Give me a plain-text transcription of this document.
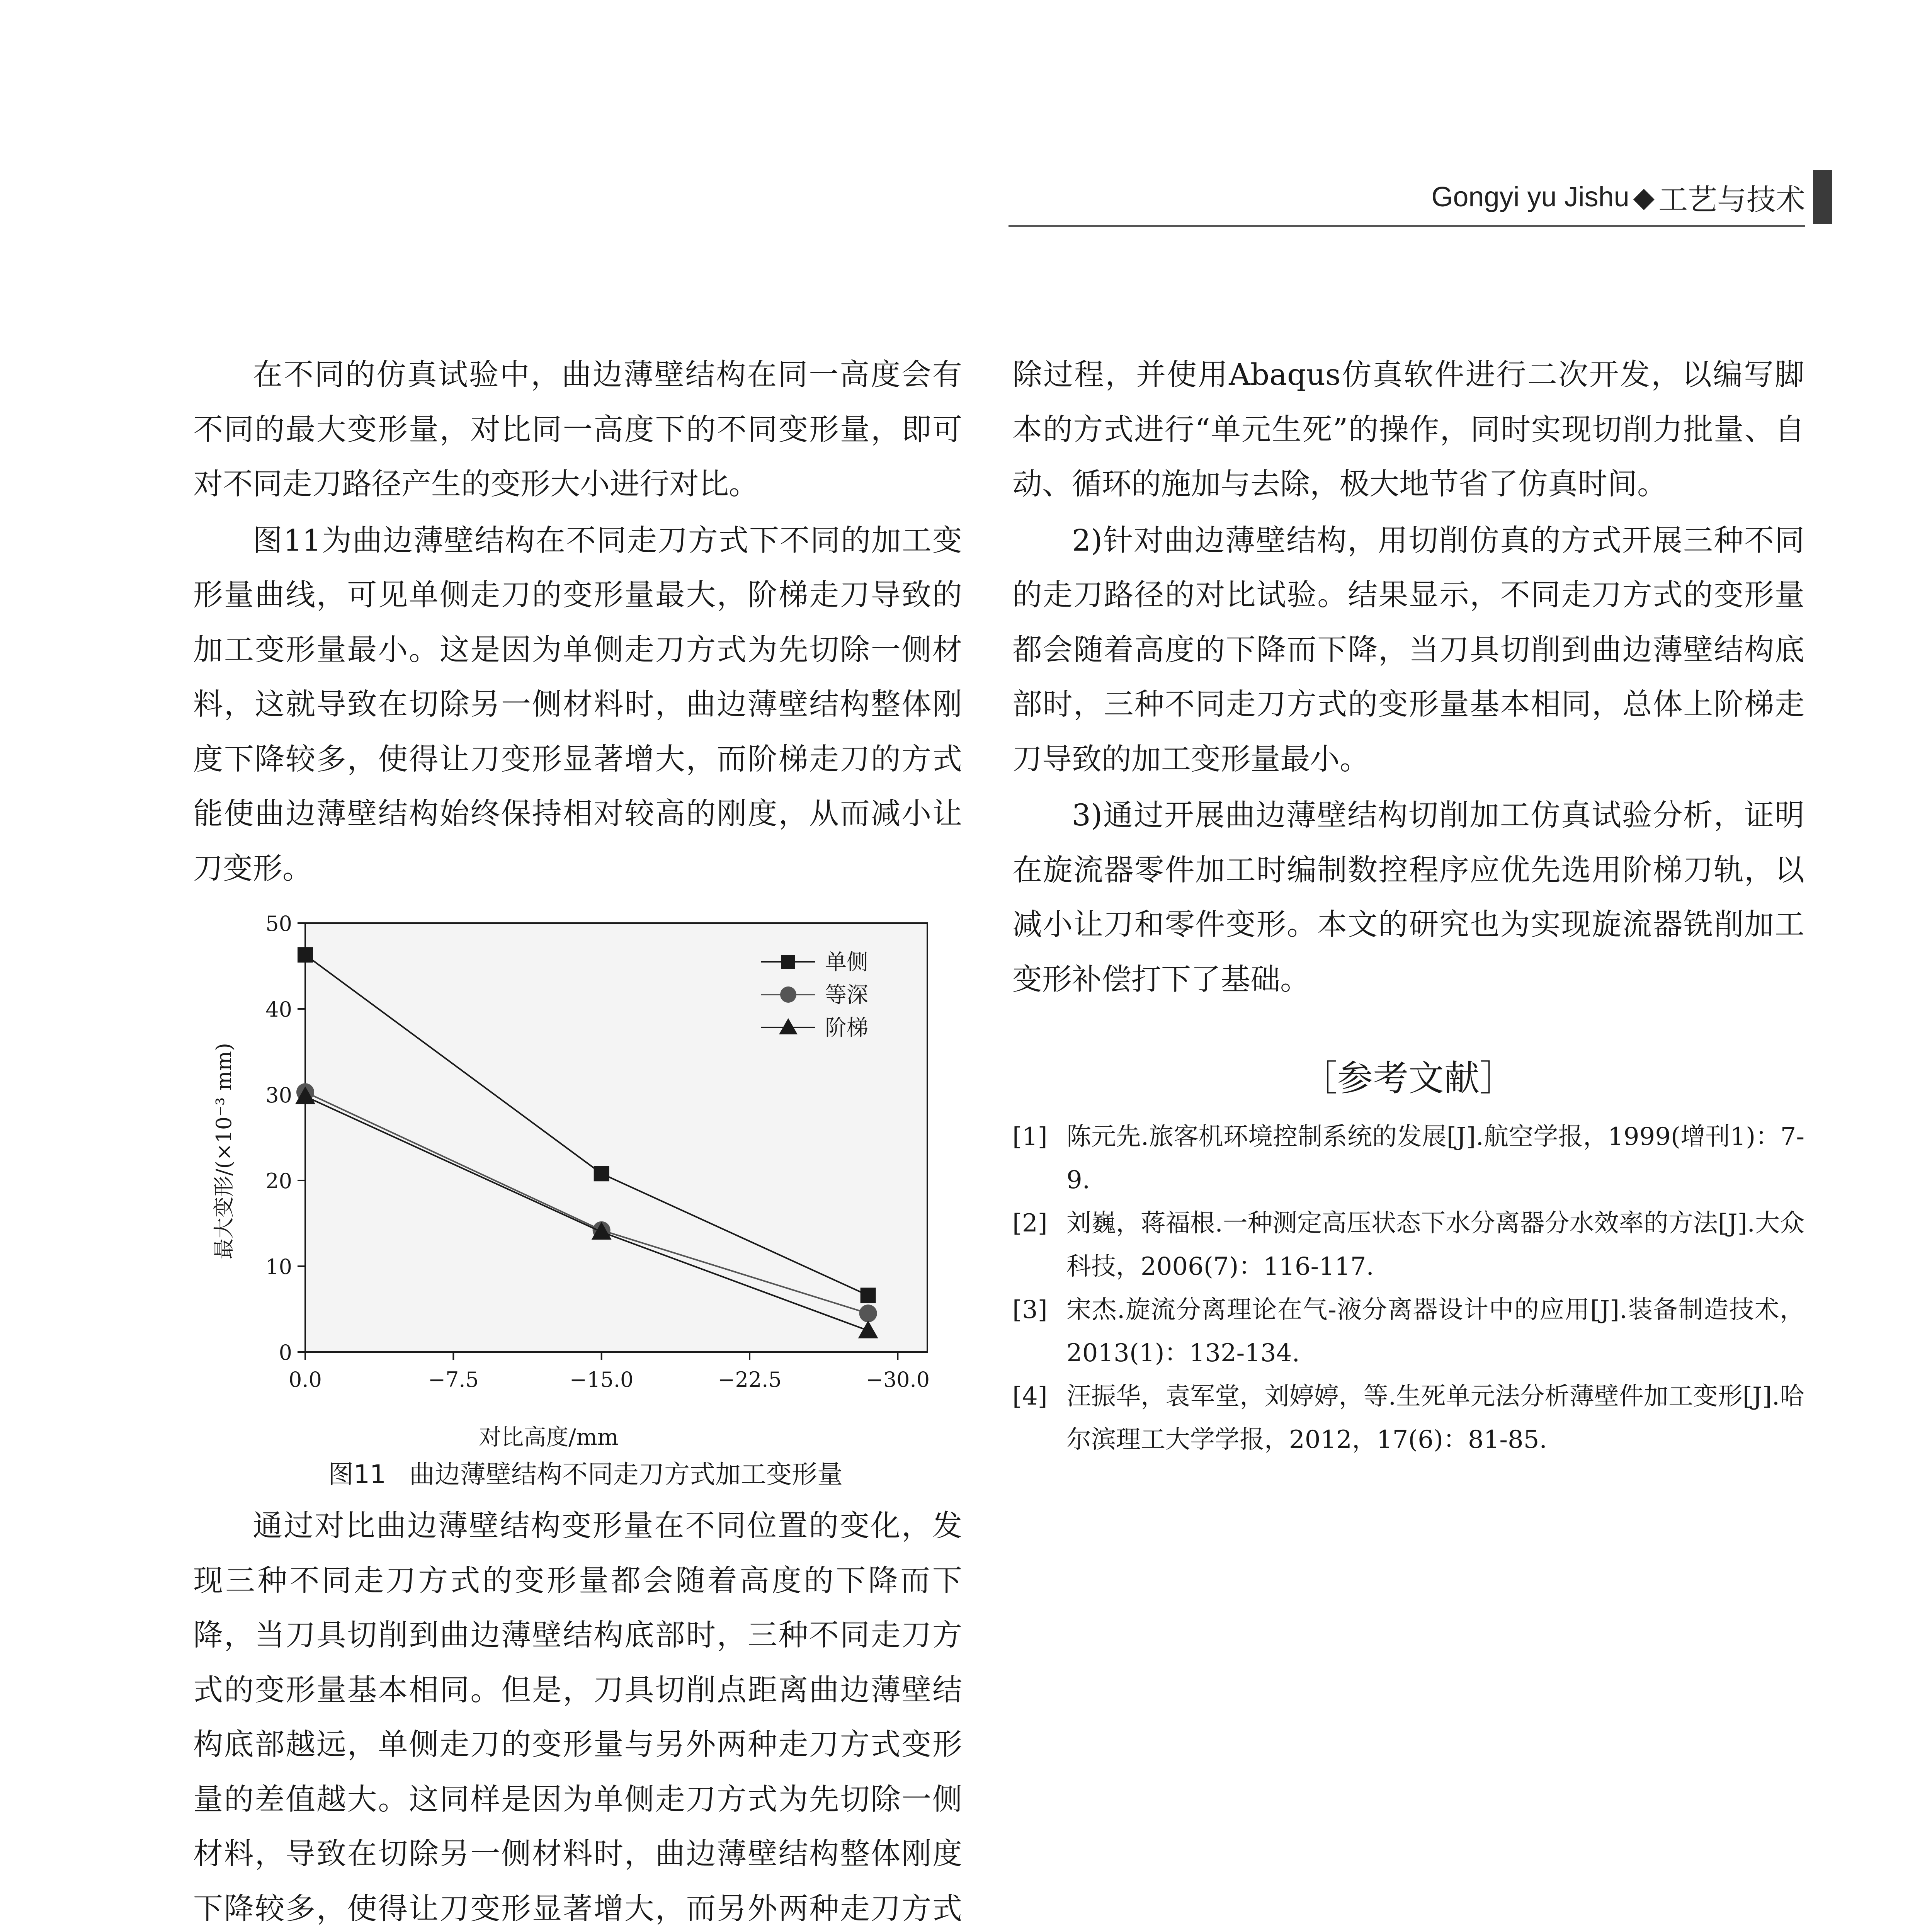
Gongyi yu Jishu ◆ 工艺与技术

在不同的仿真试验中，曲边薄壁结构在同一高度会有不同的最大变形量，对比同一高度下的不同变形量，即可对不同走刀路径产生的变形大小进行对比。

图11为曲边薄壁结构在不同走刀方式下不同的加工变形量曲线，可见单侧走刀的变形量最大，阶梯走刀导致的加工变形量最小。这是因为单侧走刀方式为先切除一侧材料，这就导致在切除另一侧材料时，曲边薄壁结构整体刚度下降较多，使得让刀变形显著增大，而阶梯走刀的方式能使曲边薄壁结构始终保持相对较高的刚度，从而减小让刀变形。

0
10
20
30
40
50
0.0	−7.5	−15.0	−22.5	−30.0
单侧
等深
阶梯
对比高度/mm
最大变形/(×10⁻³ mm)
图11 曲边薄壁结构不同走刀方式加工变形量

通过对比曲边薄壁结构变形量在不同位置的变化，发现三种不同走刀方式的变形量都会随着高度的下降而下降，当刀具切削到曲边薄壁结构底部时，三种不同走刀方式的变形量基本相同。但是，刀具切削点距离曲边薄壁结构底部越远，单侧走刀的变形量与另外两种走刀方式变形量的差值越大。这同样是因为单侧走刀方式为先切除一侧材料，导致在切除另一侧材料时，曲边薄壁结构整体刚度下降较多，使得让刀变形显著增大，而另外两种走刀方式

除过程，并使用Abaqus仿真软件进行二次开发，以编写脚本的方式进行“单元生死”的操作，同时实现切削力批量、自动、循环的施加与去除，极大地节省了仿真时间。

2)针对曲边薄壁结构，用切削仿真的方式开展三种不同的走刀路径的对比试验。结果显示，不同走刀方式的变形量都会随着高度的下降而下降，当刀具切削到曲边薄壁结构底部时，三种不同走刀方式的变形量基本相同，总体上阶梯走刀导致的加工变形量最小。

3)通过开展曲边薄壁结构切削加工仿真试验分析，证明在旋流器零件加工时编制数控程序应优先选用阶梯刀轨，以减小让刀和零件变形。本文的研究也为实现旋流器铣削加工变形补偿打下了基础。

［参考文献］
[1] 陈元先.旅客机环境控制系统的发展[J].航空学报，1999(增刊1)：7-9.
[2] 刘巍，蒋福根.一种测定高压状态下水分离器分水效率的方法[J].大众科技，2006(7)：116-117.
[3] 宋杰.旋流分离理论在气-液分离器设计中的应用[J].装备制造技术，2013(1)：132-134.
[4] 汪振华，袁军堂，刘婷婷，等.生死单元法分析薄壁件加工变形[J].哈尔滨理工大学学报，2012，17(6)：81-85.
